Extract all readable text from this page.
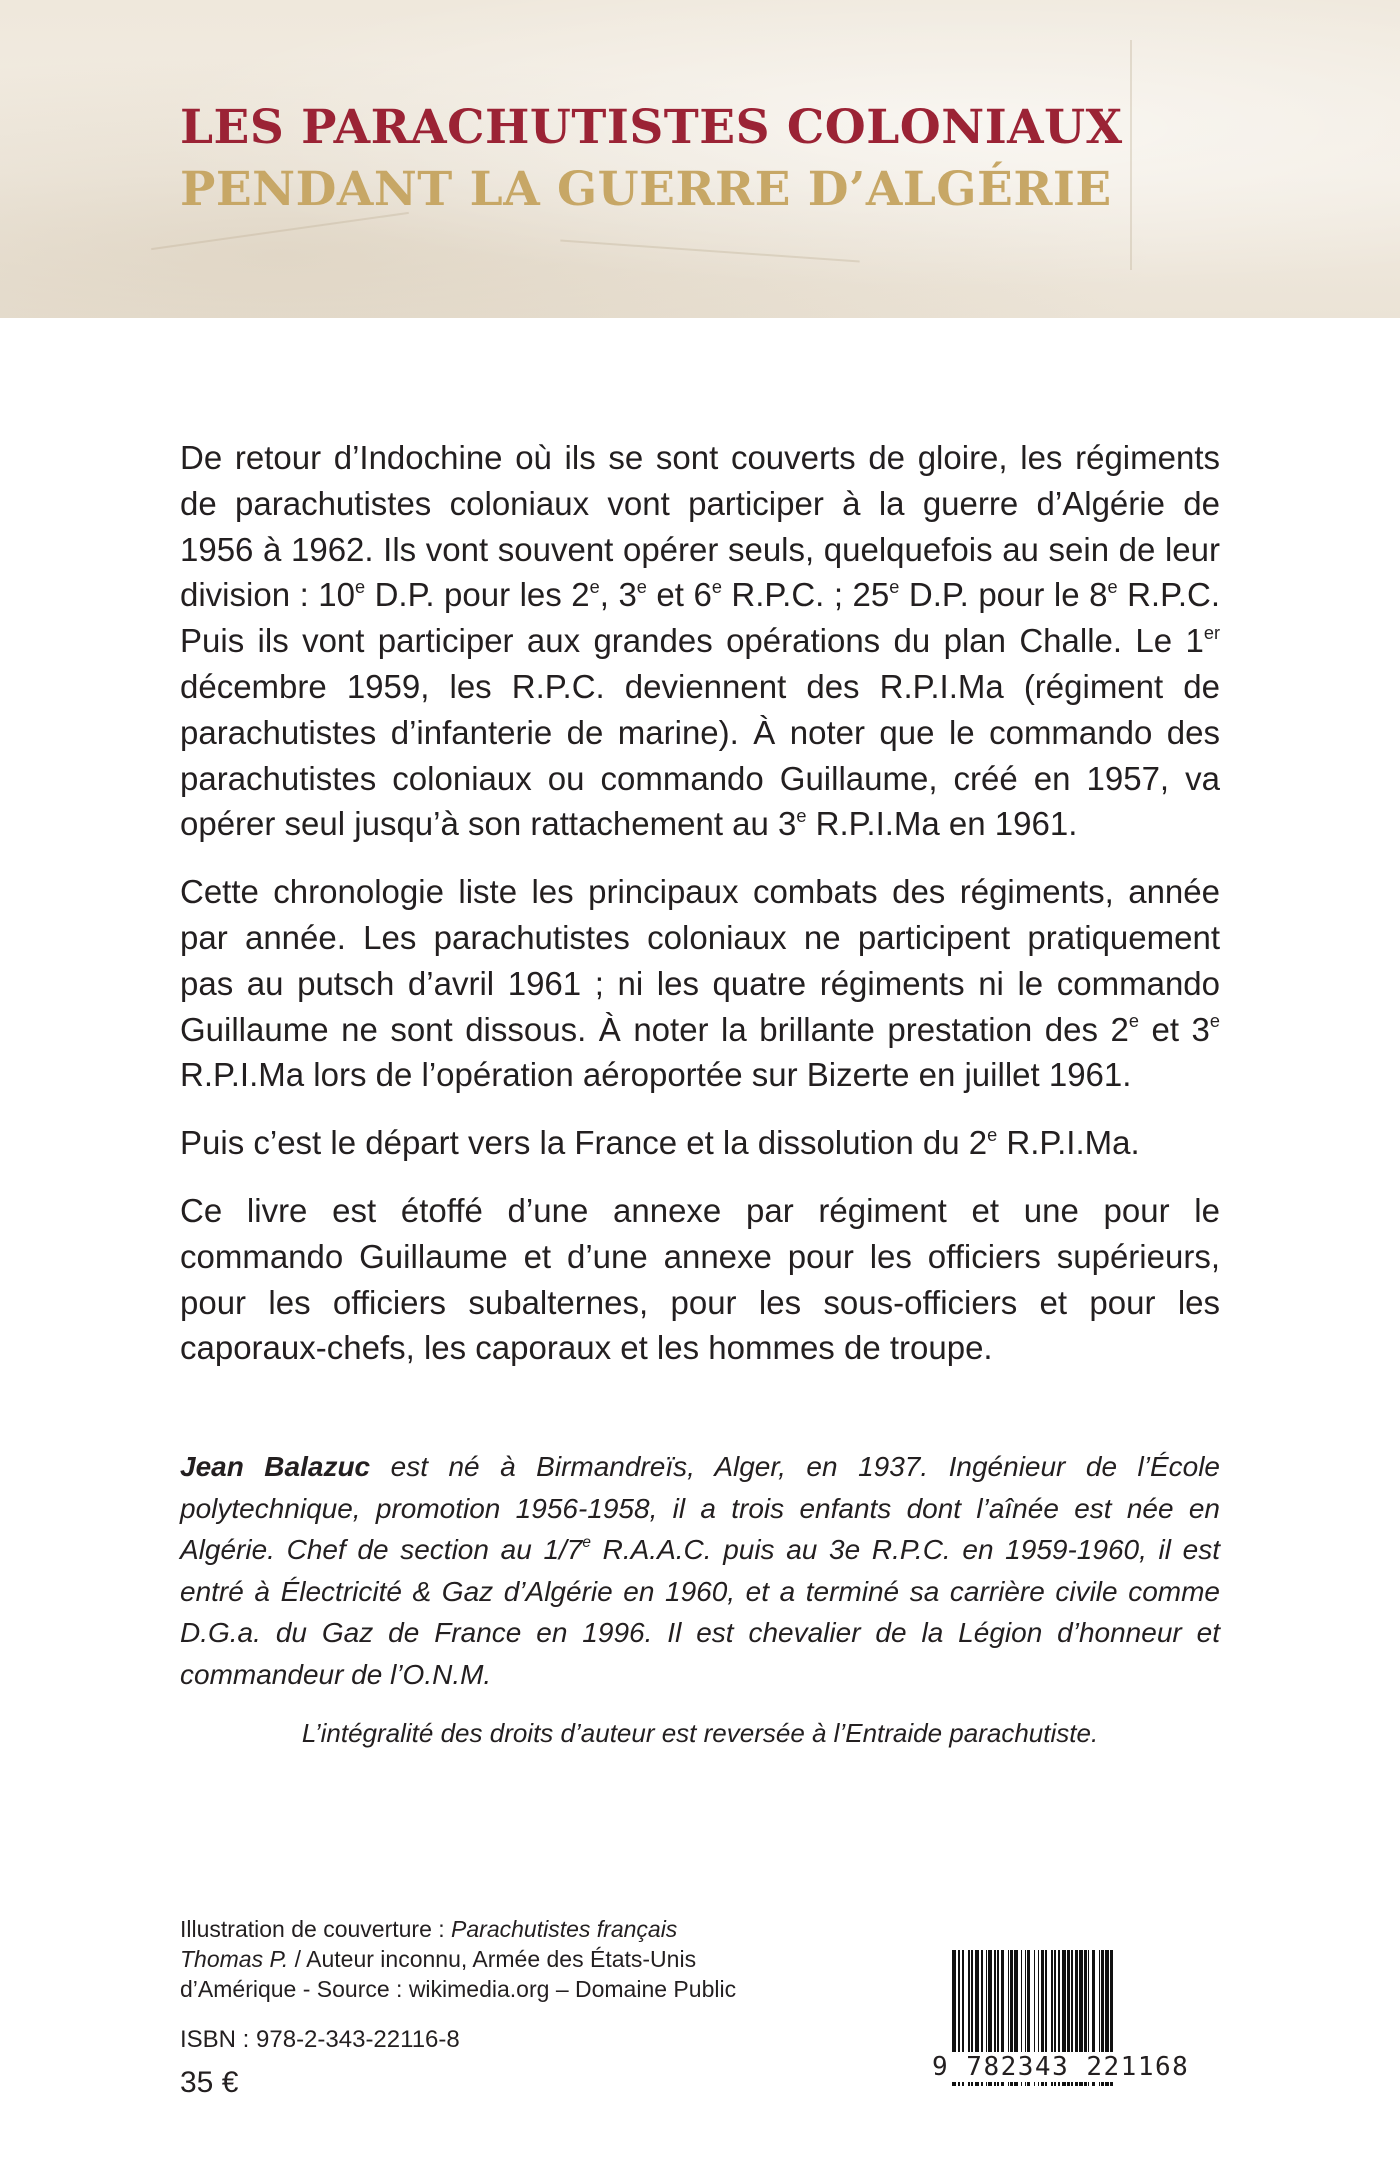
LES PARACHUTISTES COLONIAUX
PENDANT LA GUERRE D’ALGÉRIE

De retour d’Indochine où ils se sont couverts de gloire, les régiments de parachutistes coloniaux vont participer à la guerre d’Algérie de 1956 à 1962. Ils vont souvent opérer seuls, quelquefois au sein de leur division : 10e D.P. pour les 2e, 3e et 6e R.P.C. ; 25e D.P. pour le 8e R.P.C. Puis ils vont participer aux grandes opérations du plan Challe. Le 1er décembre 1959, les R.P.C. deviennent des R.P.I.Ma (régiment de parachutistes d’infanterie de marine). À noter que le commando des parachutistes coloniaux ou commando Guillaume, créé en 1957, va opérer seul jusqu’à son rattachement au 3e R.P.I.Ma en 1961.

Cette chronologie liste les principaux combats des régiments, année par année. Les parachutistes coloniaux ne participent pratiquement pas au putsch d’avril 1961 ; ni les quatre régiments ni le commando Guillaume ne sont dissous. À noter la brillante prestation des 2e et 3e R.P.I.Ma lors de l’opération aéroportée sur Bizerte en juillet 1961.

Puis c’est le départ vers la France et la dissolution du 2e R.P.I.Ma.

Ce livre est étoffé d’une annexe par régiment et une pour le commando Guillaume et d’une annexe pour les officiers supérieurs, pour les officiers subalternes, pour les sous-officiers et pour les caporaux-chefs, les caporaux et les hommes de troupe.

Jean Balazuc est né à Birmandreïs, Alger, en 1937. Ingénieur de l’École polytechnique, promotion 1956-1958, il a trois enfants dont l’aînée est née en Algérie. Chef de section au 1/7e R.A.A.C. puis au 3e R.P.C. en 1959-1960, il est entré à Électricité & Gaz d’Algérie en 1960, et a terminé sa carrière civile comme D.G.a. du Gaz de France en 1996. Il est chevalier de la Légion d’honneur et commandeur de l’O.N.M.
L’intégralité des droits d’auteur est reversée à l’Entraide parachutiste.
Illustration de couverture : Parachutistes français
Thomas P. / Auteur inconnu, Armée des États-Unis d’Amérique - Source : wikimedia.org – Domaine Public
ISBN : 978-2-343-22116-8
35 €	9 782343 221168
